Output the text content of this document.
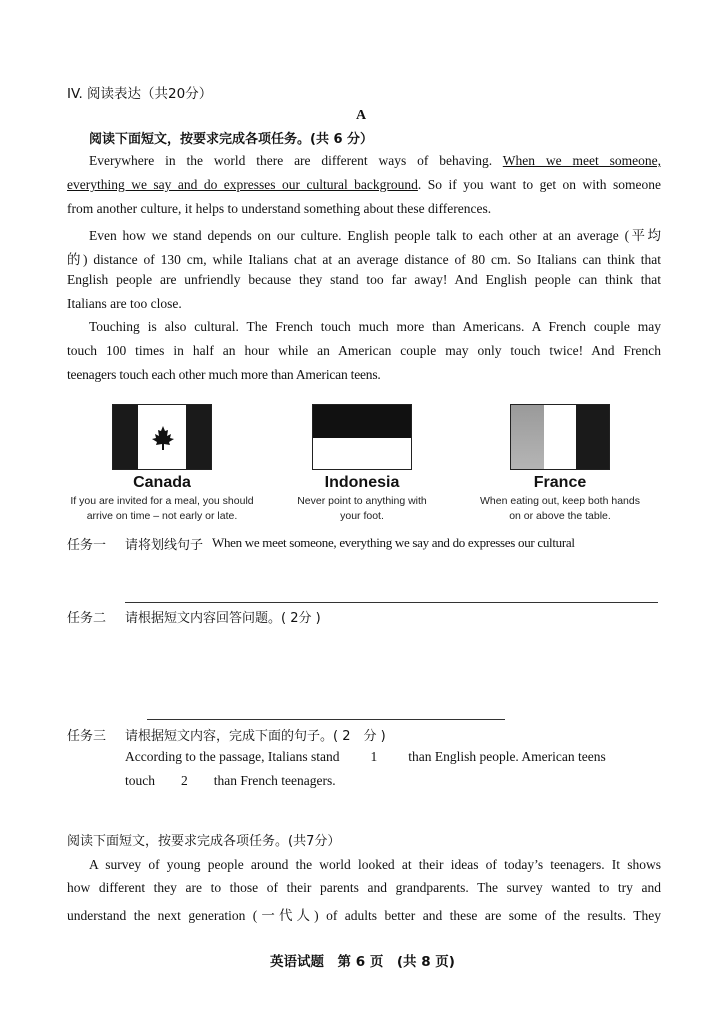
IV. 阅读表达（共20分）
A
阅读下面短文，按要求完成各项任务。(共 6 分）
Everywhere in the world there are different ways of behaving. When we meet someone,
everything we say and do expresses our cultural background. So if you want to get on with someone
from another culture, it helps to understand something about these differences.
Even how we stand depends on our culture. English people talk to each other at an average (平均
的) distance of 130 cm, while Italians chat at an average distance of 80 cm. So Italians can think that
English people are unfriendly because they stand too far away! And English people can think that
Italians are too close.
Touching is also cultural. The French touch much more than Americans. A French couple may
touch 100 times in half an hour while an American couple may only touch twice! And French
teenagers touch each other much more than American teens.
Canada
If you are invited for a meal, you should
arrive on time – not early or late.
Indonesia
Never point to anything with
your foot.
France
When eating out, keep both hands
on or above the table.
任务一 请将划线句子 When we meet someone, everything we say and do expresses our cultural
任务二 请根据短文内容回答问题。( 2分 )
任务三 请根据短文内容，完成下面的句子。( 2　分 )
According to the passage, Italians stand 1 than English people. American teens
touch 2 than French teenagers.
阅读下面短文，按要求完成各项任务。(共7分）
A survey of young people around the world looked at their ideas of today’s teenagers. It shows
how different they are to those of their parents and grandparents. The survey wanted to try and
understand the next generation (一代人) of adults better and these are some of the results. They
英语试题　第 6 页　(共 8 页)
